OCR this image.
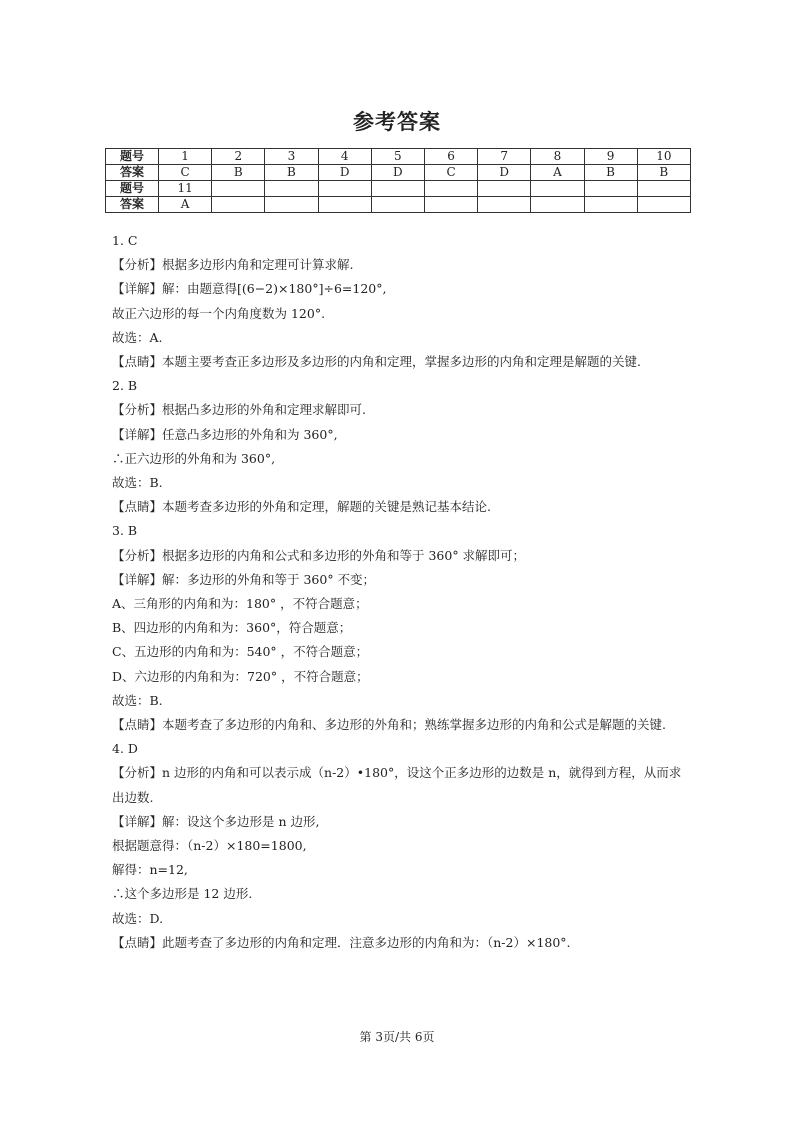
参考答案
题号	1	2	3	4	5	6	7	8	9	10
答案	C	B	B	D	D	C	D	A	B	B
题号	11									
答案	A									
1. C
【分析】根据多边形内角和定理可计算求解.
【详解】解：由题意得[(6−2)×180°]÷6=120°,
故正六边形的每一个内角度数为 120°.
故选：A.
【点睛】本题主要考查正多边形及多边形的内角和定理，掌握多边形的内角和定理是解题的关键.
2. B
【分析】根据凸多边形的外角和定理求解即可.
【详解】任意凸多边形的外角和为 360°,
∴正六边形的外角和为 360°,
故选：B.
【点睛】本题考查多边形的外角和定理，解题的关键是熟记基本结论.
3. B
【分析】根据多边形的内角和公式和多边形的外角和等于 360° 求解即可；
【详解】解：多边形的外角和等于 360° 不变；
A、三角形的内角和为：180° ，不符合题意；
B、四边形的内角和为：360°，符合题意；
C、五边形的内角和为：540° ，不符合题意；
D、六边形的内角和为：720° ，不符合题意；
故选：B.
【点睛】本题考查了多边形的内角和、多边形的外角和；熟练掌握多边形的内角和公式是解题的关键.
4. D
【分析】n 边形的内角和可以表示成（n-2）•180°，设这个正多边形的边数是 n，就得到方程，从而求出边数.
【详解】解：设这个多边形是 n 边形,
根据题意得：（n-2）×180=1800,
解得：n=12,
∴这个多边形是 12 边形.
故选：D.
【点睛】此题考查了多边形的内角和定理．注意多边形的内角和为：（n-2）×180°.
第 3页/共 6页
